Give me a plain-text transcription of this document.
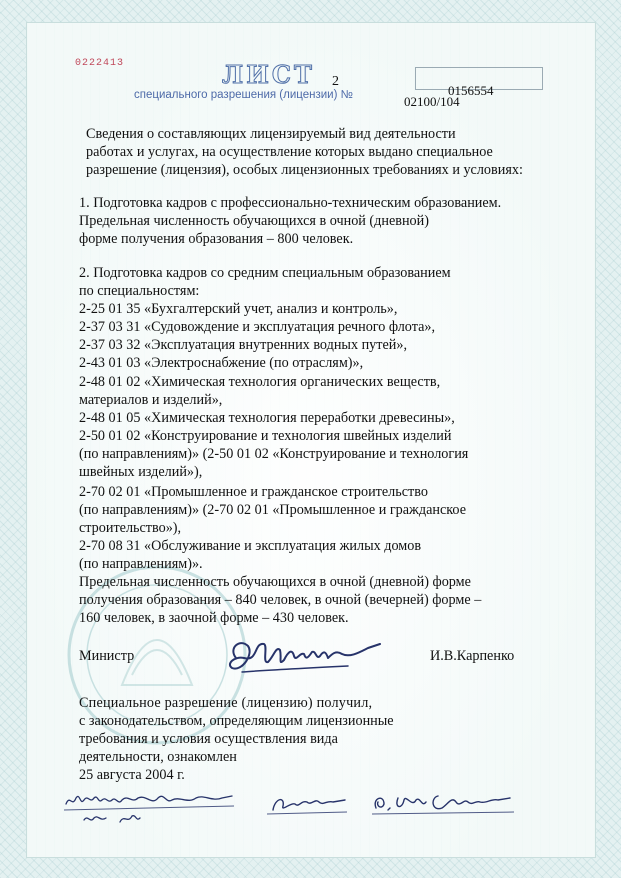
0222413	ЛИСТ 2
специального разрешения (лицензии) №	0156554
02100/104
Сведения о составляющих лицензируемый вид деятельности
работах и услугах, на осуществление которых выдано специальное
разрешение (лицензия), особых лицензионных требованиях и условиях:
1. Подготовка кадров с профессионально-техническим образованием.
Предельная численность обучающихся в очной (дневной)
форме получения образования – 800 человек.
2. Подготовка кадров со средним специальным образованием
по специальностям:
2-25 01 35 «Бухгалтерский учет, анализ и контроль»,
2-37 03 31 «Судовождение и эксплуатация речного флота»,
2-37 03 32 «Эксплуатация внутренних водных путей»,
2-43 01 03 «Электроснабжение (по отраслям)»,
2-48 01 02 «Химическая технология органических веществ,
материалов и изделий»,
2-48 01 05 «Химическая технология переработки древесины»,
2-50 01 02 «Конструирование и технология швейных изделий
(по направлениям)» (2-50 01 02 «Конструирование и технология
швейных изделий»),
2-70 02 01 «Промышленное и гражданское строительство
(по направлениям)» (2-70 02 01 «Промышленное и гражданское
строительство»),
2-70 08 31 «Обслуживание и эксплуатация жилых домов
(по направлениям)».
Предельная численность обучающихся в очной (дневной) форме
получения образования – 840 человек, в очной (вечерней) форме –
160 человек, в заочной форме – 430 человек.
Министр	И.В.Карпенко
Специальное разрешение (лицензию) получил,
с законодательством, определяющим лицензионные
требования и условия осуществления вида
деятельности, ознакомлен
25 августа 2004 г.
